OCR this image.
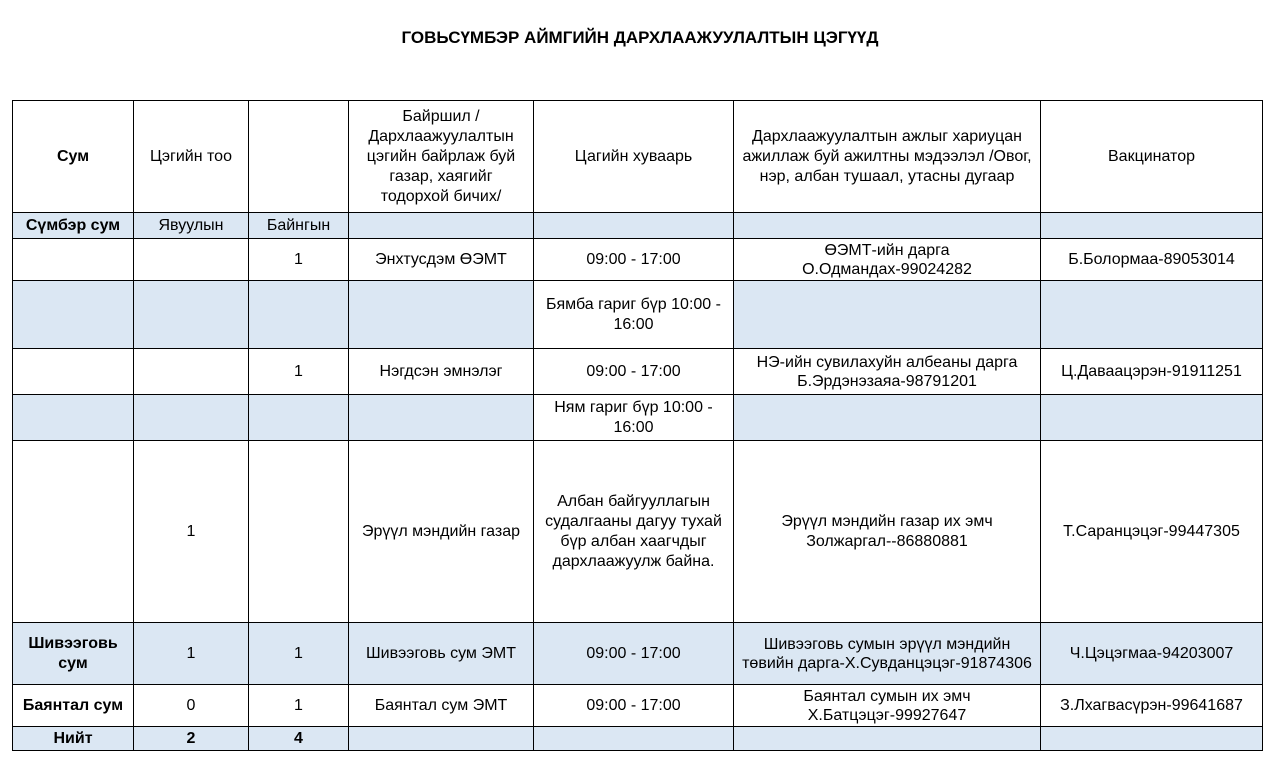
ГОВЬСҮМБЭР АЙМГИЙН ДАРХЛААЖУУЛАЛТЫН ЦЭГҮҮД
Сум	Цэгийн тоо		Байршил /Дархлаажуулалтын цэгийн байрлаж буй газар, хаягийг тодорхой бичих/	Цагийн хуваарь	Дархлаажуулалтын ажлыг хариуцан ажиллаж буй ажилтны мэдээлэл /Овог, нэр, албан тушаал, утасны дугаар	Вакцинатор
Сүмбэр сум	Явуулын	Байнгын				
		1	Энхтусдэм ӨЭМТ	09:00 - 17:00	ӨЭМТ-ийн дарга О.Одмандах-99024282	Б.Болормаа-89053014
				Бямба гариг бүр 10:00 - 16:00		
		1	Нэгдсэн эмнэлэг	09:00 - 17:00	НЭ-ийн сувилахуйн албеаны дарга Б.Эрдэнэзаяа-98791201	Ц.Даваацэрэн-91911251
				Ням гариг бүр 10:00 - 16:00		
	1		Эрүүл мэндийн газар	Албан байгууллагын судалгааны дагуу тухай бүр албан хаагчдыг дархлаажуулж байна.	Эрүүл мэндийн газар их эмч Золжаргал--86880881	Т.Саранцэцэг-99447305
Шивээговь сум	1	1	Шивээговь сум ЭМТ	09:00 - 17:00	Шивээговь сумын эрүүл мэндийн төвийн дарга-Х.Сувданцэцэг-91874306	Ч.Цэцэгмаа-94203007
Баянтал сум	0	1	Баянтал сум ЭМТ	09:00 - 17:00	Баянтал сумын их эмч Х.Батцэцэг-99927647	З.Лхагвасүрэн-99641687
Нийт	2	4				
